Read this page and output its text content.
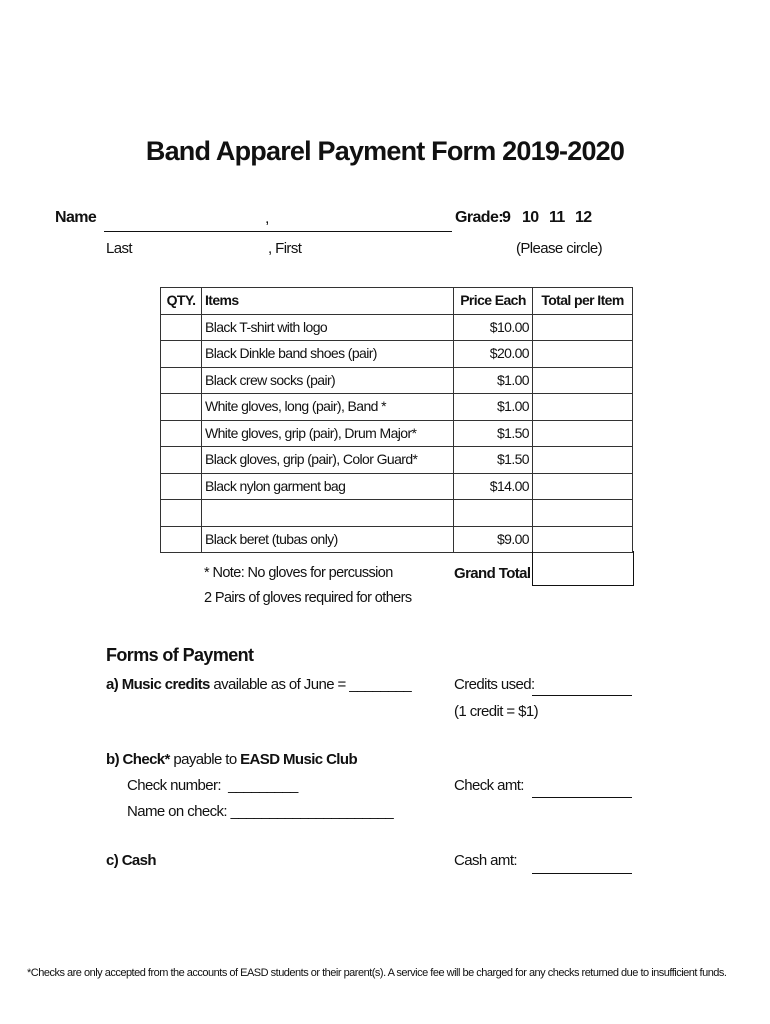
Band Apparel Payment Form 2019-2020
Name	,
Last	, First
Grade: 9 10 11 12
(Please circle)
QTY.	Items	Price Each	Total per Item
	Black T-shirt with logo	$10.00	
	Black Dinkle band shoes (pair)	$20.00	
	Black crew socks (pair)	$1.00	
	White gloves, long (pair), Band *	$1.00	
	White gloves, grip (pair), Drum Major*	$1.50	
	Black gloves, grip (pair), Color Guard*	$1.50	
	Black nylon garment bag	$14.00	

	Black beret (tubas only)	$9.00	
Grand Total
* Note: No gloves for percussion
2 Pairs of gloves required for others
Forms of Payment
a) Music credits available as of June = ________	Credits used:
(1 credit = $1)
b) Check* payable to EASD Music Club
Check number: _________
Name on check: _____________________
Check amt:
c) Cash	Cash amt:
*Checks are only accepted from the accounts of EASD students or their parent(s). A service fee will be charged for any checks returned due to insufficient funds.
